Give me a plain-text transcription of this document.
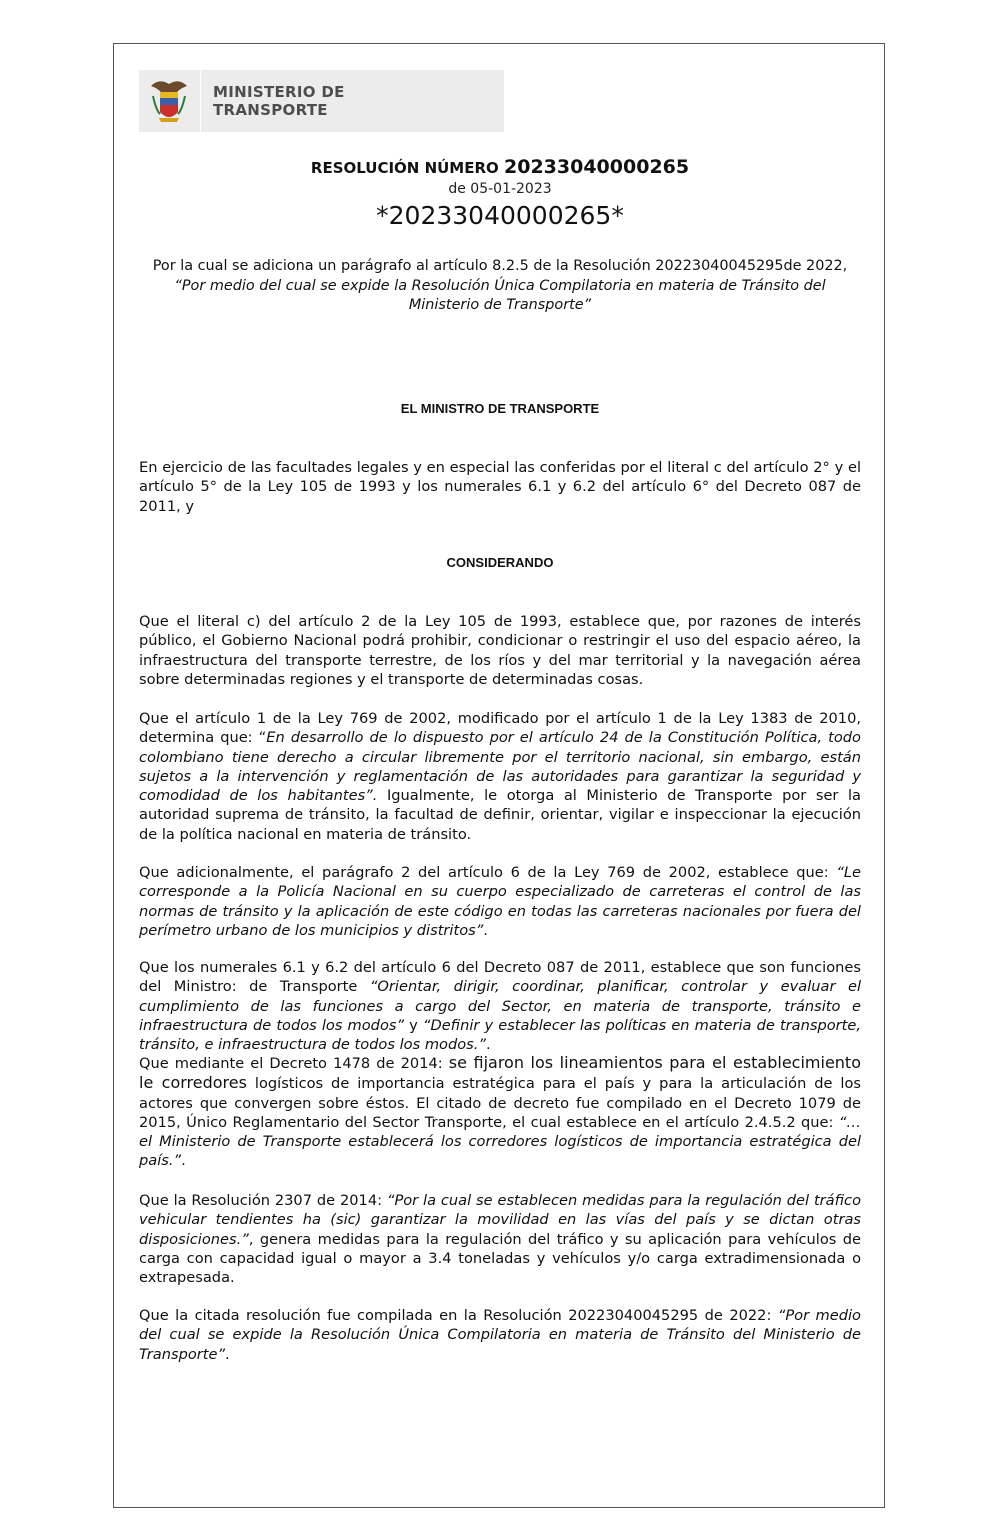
MINISTERIO DE
TRANSPORTE
RESOLUCIÓN NÚMERO 20233040000265
de 05-01-2023
*20233040000265*
Por la cual se adiciona un parágrafo al artículo 8.2.5 de la Resolución 20223040045295de 2022, “Por medio del cual se expide la Resolución Única Compilatoria en materia de Tránsito del Ministerio de Transporte”
EL MINISTRO DE TRANSPORTE
En ejercicio de las facultades legales y en especial las conferidas por el literal c del artículo 2° y el artículo 5° de la Ley 105 de 1993 y los numerales 6.1 y 6.2 del artículo 6° del Decreto 087 de 2011, y
CONSIDERANDO
Que el literal c) del artículo 2 de la Ley 105 de 1993, establece que, por razones de interés público, el Gobierno Nacional podrá prohibir, condicionar o restringir el uso del espacio aéreo, la infraestructura del transporte terrestre, de los ríos y del mar territorial y la navegación aérea sobre determinadas regiones y el transporte de determinadas cosas.
Que el artículo 1 de la Ley 769 de 2002, modificado por el artículo 1 de la Ley 1383 de 2010, determina que: “En desarrollo de lo dispuesto por el artículo 24 de la Constitución Política, todo colombiano tiene derecho a circular libremente por el territorio nacional, sin embargo, están sujetos a la intervención y reglamentación de las autoridades para garantizar la seguridad y comodidad de los habitantes”. Igualmente, le otorga al Ministerio de Transporte por ser la autoridad suprema de tránsito, la facultad de definir, orientar, vigilar e inspeccionar la ejecución de la política nacional en materia de tránsito.
Que adicionalmente, el parágrafo 2 del artículo 6 de la Ley 769 de 2002, establece que: “Le corresponde a la Policía Nacional en su cuerpo especializado de carreteras el control de las normas de tránsito y la aplicación de este código en todas las carreteras nacionales por fuera del perímetro urbano de los municipios y distritos”.
Que los numerales 6.1 y 6.2 del artículo 6 del Decreto 087 de 2011, establece que son funciones del Ministro: de Transporte “Orientar, dirigir, coordinar, planificar, controlar y evaluar el cumplimiento de las funciones a cargo del Sector, en materia de transporte, tránsito e infraestructura de todos los modos” y “Definir y establecer las políticas en materia de transporte, tránsito, e infraestructura de todos los modos.”.
Que mediante el Decreto 1478 de 2014: se fijaron los lineamientos para el establecimiento le corredores logísticos de importancia estratégica para el país y para la articulación de los actores que convergen sobre éstos. El citado de decreto fue compilado en el Decreto 1079 de 2015, Único Reglamentario del Sector Transporte, el cual establece en el artículo 2.4.5.2 que: “…el Ministerio de Transporte establecerá los corredores logísticos de importancia estratégica del país.”.
Que la Resolución 2307 de 2014: “Por la cual se establecen medidas para la regulación del tráfico vehicular tendientes ha (sic) garantizar la movilidad en las vías del país y se dictan otras disposiciones.”, genera medidas para la regulación del tráfico y su aplicación para vehículos de carga con capacidad igual o mayor a 3.4 toneladas y vehículos y/o carga extradimensionada o extrapesada.
Que la citada resolución fue compilada en la Resolución 20223040045295 de 2022: “Por medio del cual se expide la Resolución Única Compilatoria en materia de Tránsito del Ministerio de Transporte”.
